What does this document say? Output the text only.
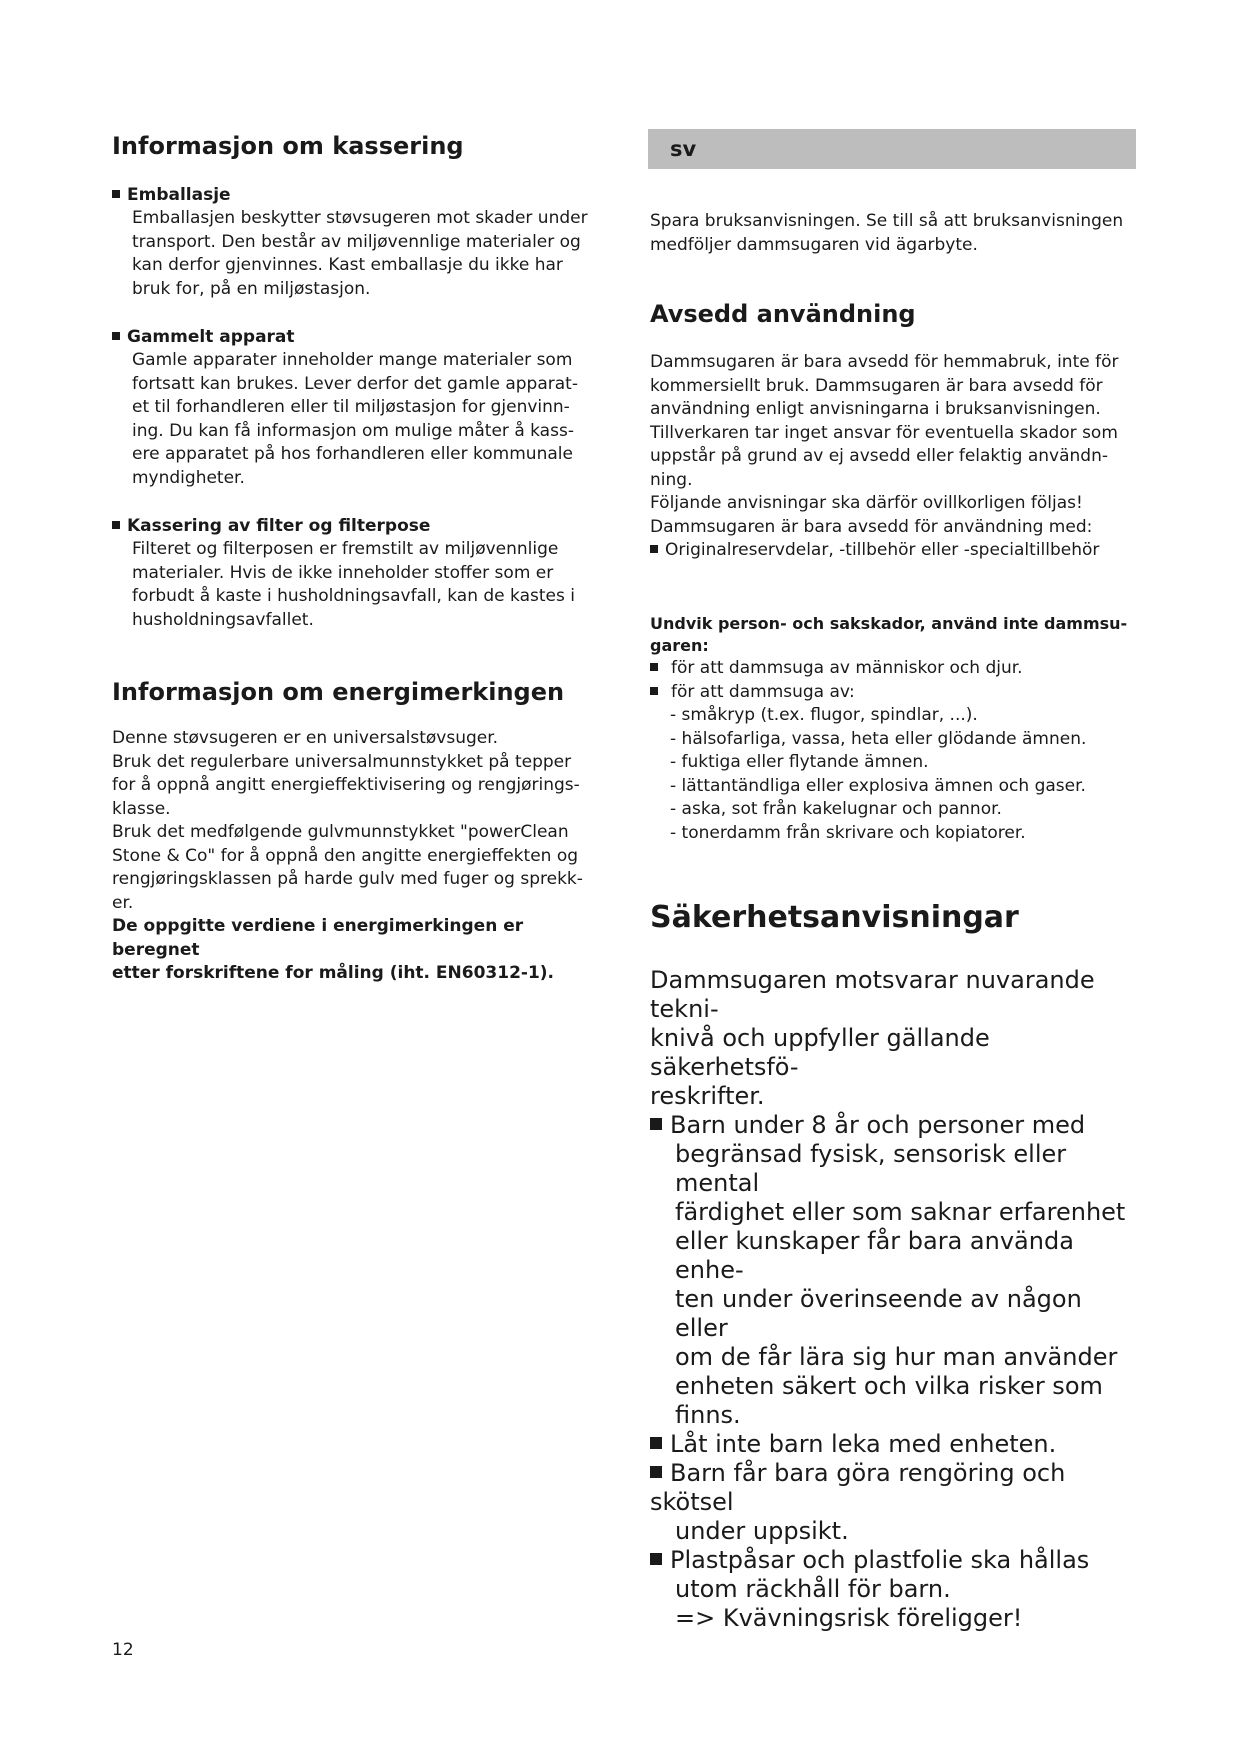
Informasjon om kassering
Emballasje

Emballasjen beskytter støvsugeren mot skader under

transport. Den består av miljøvennlige materialer og

kan derfor gjenvinnes. Kast emballasje du ikke har

bruk for, på en miljøstasjon.

Gammelt apparat

Gamle apparater inneholder mange materialer som

fortsatt kan brukes. Lever derfor det gamle apparat-

et til forhandleren eller til miljøstasjon for gjenvinn-

ing. Du kan få informasjon om mulige måter å kass-

ere apparatet på hos forhandleren eller kommunale

myndigheter.

Kassering av filter og filterpose

Filteret og filterposen er fremstilt av miljøvennlige

materialer. Hvis de ikke inneholder stoffer som er

forbudt å kaste i husholdningsavfall, kan de kastes i

husholdningsavfallet.

Informasjon om energimerkingen

Denne støvsugeren er en universalstøvsuger.

Bruk det regulerbare universalmunnstykket på tepper

for å oppnå angitt energieffektivisering og rengjørings-

klasse.

Bruk det medfølgende gulvmunnstykket "powerClean

Stone & Co" for å oppnå den angitte energieffekten og

rengjøringsklassen på harde gulv med fuger og sprekk-

er.

De oppgitte verdiene i energimerkingen er beregnet

etter forskriftene for måling (iht. EN60312-1).

sv

Spara bruksanvisningen. Se till så att bruksanvisningen

medföljer dammsugaren vid ägarbyte.

Avsedd användning

Dammsugaren är bara avsedd för hemmabruk, inte för

kommersiellt bruk. Dammsugaren är bara avsedd för

användning enligt anvisningarna i bruksanvisningen.

Tillverkaren tar inget ansvar för eventuella skador som

uppstår på grund av ej avsedd eller felaktig användn-

ning.

Följande anvisningar ska därför ovillkorligen följas!

Dammsugaren är bara avsedd för användning med:

Originalreservdelar, -tillbehör eller -specialtillbehör

Undvik person- och sakskador, använd inte dammsu-

garen:

för att dammsuga av människor och djur.

för att dammsuga av:

- småkryp (t.ex. flugor, spindlar, ...).

- hälsofarliga, vassa, heta eller glödande ämnen.

- fuktiga eller flytande ämnen.

- lättantändliga eller explosiva ämnen och gaser.

- aska, sot från kakelugnar och pannor.

- tonerdamm från skrivare och kopiatorer.

Säkerhetsanvisningar

Dammsugaren motsvarar nuvarande tekni-

knivå och uppfyller gällande säkerhetsfö-

reskrifter.

Barn under 8 år och personer med

begränsad fysisk, sensorisk eller mental

färdighet eller som saknar erfarenhet

eller kunskaper får bara använda enhe-

ten under överinseende av någon eller

om de får lära sig hur man använder

enheten säkert och vilka risker som

finns.

Låt inte barn leka med enheten.

Barn får bara göra rengöring och skötsel

under uppsikt.

Plastpåsar och plastfolie ska hållas

utom räckhåll för barn.

=> Kvävningsrisk föreligger!

12
